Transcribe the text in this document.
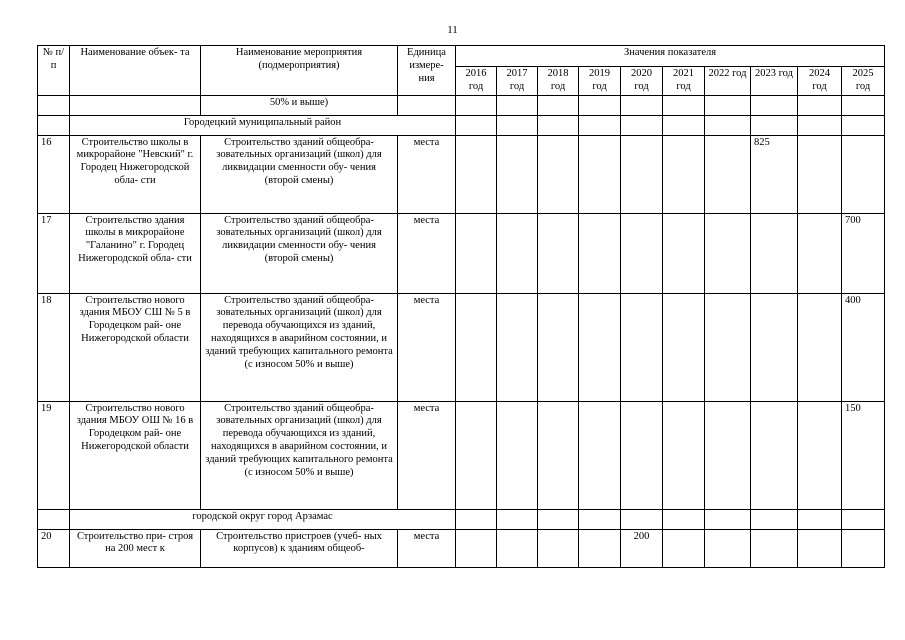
11
№ п/п	Наименование объек- та	Наименование мероприятия (подмероприятия)	Единица измере- ния	Значения показателя									
				2016 год	2017 год	2018 год	2019 год	2020 год	2021 год	2022 год	2023 год	2024 год	2025 год
		50% и выше)											
	Городецкий муниципальный район												
16	Строительство школы в микрорайоне "Невский" г. Городец Нижегородской обла- сти	Строительство зданий общеобра- зовательных организаций (школ) для ликвидации сменности обу- чения (второй смены)	места								825		
17	Строительство здания школы в микрорайоне "Галанино" г. Городец Нижегородской обла- сти	Строительство зданий общеобра- зовательных организаций (школ) для ликвидации сменности обу- чения (второй смены)	места										700
18	Строительство нового здания МБОУ СШ № 5 в Городецком рай- оне Нижегородской области	Строительство зданий общеобра- зовательных организаций (школ) для перевода обучающихся из зданий, находящихся в аварийном состоянии, и зданий требующих капитального ремонта (с износом 50% и выше)	места										400
19	Строительство нового здания МБОУ ОШ № 16 в Городецком рай- оне Нижегородской области	Строительство зданий общеобра- зовательных организаций (школ) для перевода обучающихся из зданий, находящихся в аварийном состоянии, и зданий требующих капитального ремонта (с износом 50% и выше)	места										150
	городской округ город Арзамас												
20	Строительство при- строя на 200 мест к	Строительство пристроев (учеб- ных корпусов) к зданиям общеоб-	места					200					
